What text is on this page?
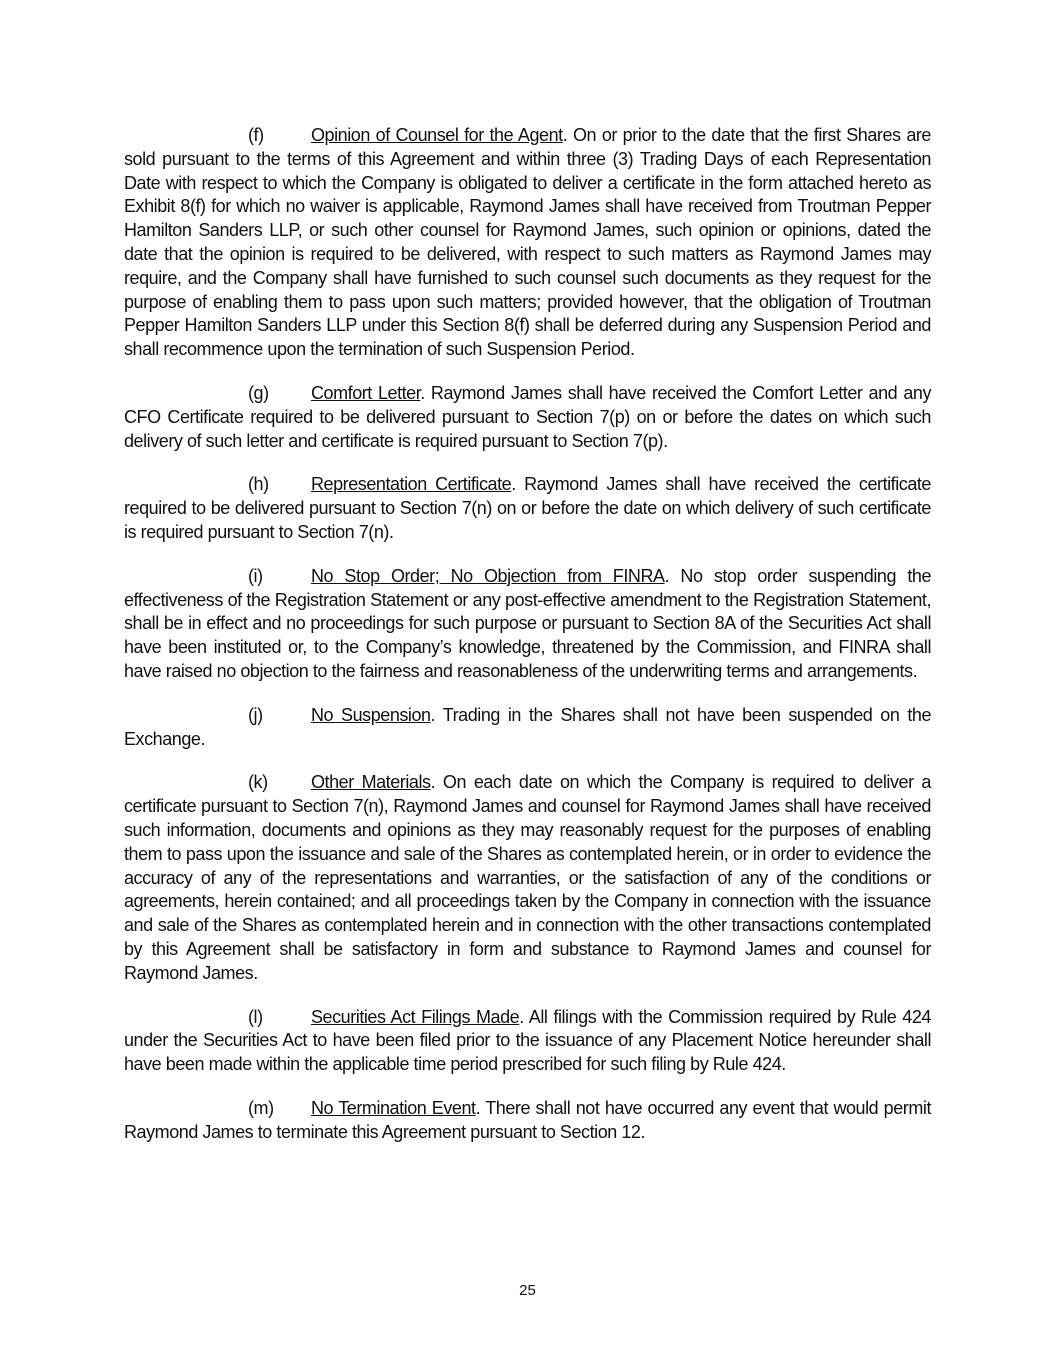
(f)	Opinion of Counsel for the Agent. On or prior to the date that the first Shares are sold pursuant to the terms of this Agreement and within three (3) Trading Days of each Representation Date with respect to which the Company is obligated to deliver a certificate in the form attached hereto as Exhibit 8(f) for which no waiver is applicable, Raymond James shall have received from Troutman Pepper Hamilton Sanders LLP, or such other counsel for Raymond James, such opinion or opinions, dated the date that the opinion is required to be delivered, with respect to such matters as Raymond James may require, and the Company shall have furnished to such counsel such documents as they request for the purpose of enabling them to pass upon such matters; provided however, that the obligation of Troutman Pepper Hamilton Sanders LLP under this Section 8(f) shall be deferred during any Suspension Period and shall recommence upon the termination of such Suspension Period.

(g) Comfort Letter. Raymond James shall have received the Comfort Letter and any CFO Certificate required to be delivered pursuant to Section 7(p) on or before the dates on which such delivery of such letter and certificate is required pursuant to Section 7(p).

(h) Representation Certificate. Raymond James shall have received the certificate required to be delivered pursuant to Section 7(n) on or before the date on which delivery of such certificate is required pursuant to Section 7(n).

(i)	No Stop Order; No Objection from FINRA. No stop order suspending the effectiveness of the Registration Statement or any post-effective amendment to the Registration Statement, shall be in effect and no proceedings for such purpose or pursuant to Section 8A of the Securities Act shall have been instituted or, to the Company’s knowledge, threatened by the Commission, and FINRA shall have raised no objection to the fairness and reasonableness of the underwriting terms and arrangements.

(j)	No Suspension. Trading in the Shares shall not have been suspended on the Exchange.

(k) Other Materials. On each date on which the Company is required to deliver a certificate pursuant to Section 7(n), Raymond James and counsel for Raymond James shall have received such information, documents and opinions as they may reasonably request for the purposes of enabling them to pass upon the issuance and sale of the Shares as contemplated herein, or in order to evidence the accuracy of any of the representations and warranties, or the satisfaction of any of the conditions or agreements, herein contained; and all proceedings taken by the Company in connection with the issuance and sale of the Shares as contemplated herein and in connection with the other transactions contemplated by this Agreement shall be satisfactory in form and substance to Raymond James and counsel for Raymond James.

(l)	Securities Act Filings Made. All filings with the Commission required by Rule 424 under the Securities Act to have been filed prior to the issuance of any Placement Notice hereunder shall have been made within the applicable time period prescribed for such filing by Rule 424.

(m) No Termination Event. There shall not have occurred any event that would permit Raymond James to terminate this Agreement pursuant to Section 12.

25
